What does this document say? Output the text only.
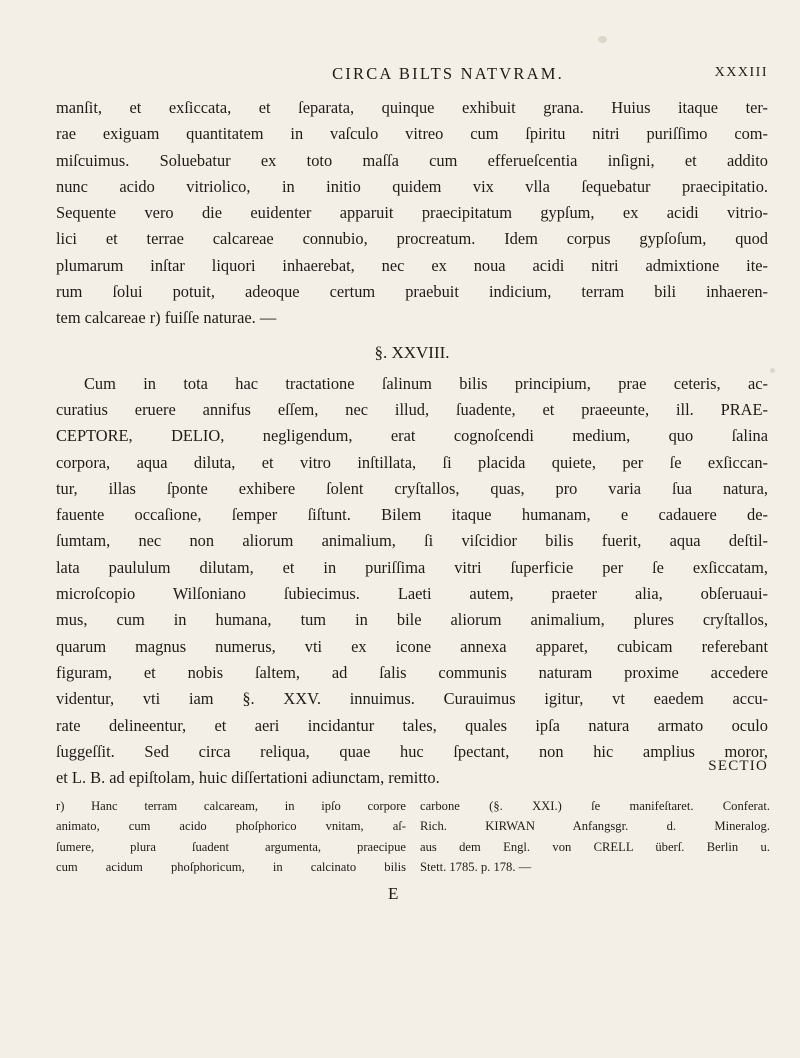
CIRCA BILTS NATVRAM.	XXXIII
manſit, et exſiccata, et ſeparata, quinque exhibuit grana. Huius itaque ter-
rae exiguam quantitatem in vaſculo vitreo cum ſpiritu nitri puriſſimo com-
miſcuimus. Soluebatur ex toto maſſa cum efferueſcentia inſigni, et addito
nunc acido vitriolico, in initio quidem vix vlla ſequebatur praecipitatio.
Sequente vero die euidenter apparuit praecipitatum gypſum, ex acidi vitrio-
lici et terrae calcareae connubio, procreatum. Idem corpus gypſoſum, quod
plumarum inſtar liquori inhaerebat, nec ex noua acidi nitri admixtione ite-
rum ſolui potuit, adeoque certum praebuit indicium, terram bili inhaeren-
tem calcareae r) fuiſſe naturae. —
§. XXVIII.
Cum in tota hac tractatione ſalinum bilis principium, prae ceteris, ac-
curatius eruere annifus eſſem, nec illud, ſuadente, et praeeunte, ill. PRAE-
CEPTORE, DELIO, negligendum, erat cognoſcendi medium, quo ſalina
corpora, aqua diluta, et vitro inſtillata, ſi placida quiete, per ſe exſiccan-
tur, illas ſponte exhibere ſolent cryſtallos, quas, pro varia ſua natura,
fauente occaſione, ſemper ſiſtunt. Bilem itaque humanam, e cadauere de-
ſumtam, nec non aliorum animalium, ſi viſcidior bilis fuerit, aqua deſtil-
lata paululum dilutam, et in puriſſima vitri ſuperficie per ſe exſiccatam,
microſcopio Wilſoniano ſubiecimus. Laeti autem, praeter alia, obſeruaui-
mus, cum in humana, tum in bile aliorum animalium, plures cryſtallos,
quarum magnus numerus, vti ex icone annexa apparet, cubicam referebant
figuram, et nobis ſaltem, ad ſalis communis naturam proxime accedere
videntur, vti iam §. XXV. innuimus. Curauimus igitur, vt eaedem accu-
rate delineentur, et aeri incidantur tales, quales ipſa natura armato oculo
ſuggeſſit. Sed circa reliqua, quae huc ſpectant, non hic amplius moror,
et L. B. ad epiſtolam, huic diſſertationi adiunctam, remitto.
SECTIO
r) Hanc terram calcaream, in ipſo corpore
animato, cum acido phoſphorico vnitam, aſ-
ſumere, plura ſuadent argumenta, praecipue
cum acidum phoſphoricum, in calcinato bilis
carbone (§. XXI.) ſe manifeſtaret. Conferat.
Rich. KIRWAN Anfangsgr. d. Mineralog.
aus dem Engl. von CRELL überſ. Berlin u.
Stett. 1785. p. 178. —
E
